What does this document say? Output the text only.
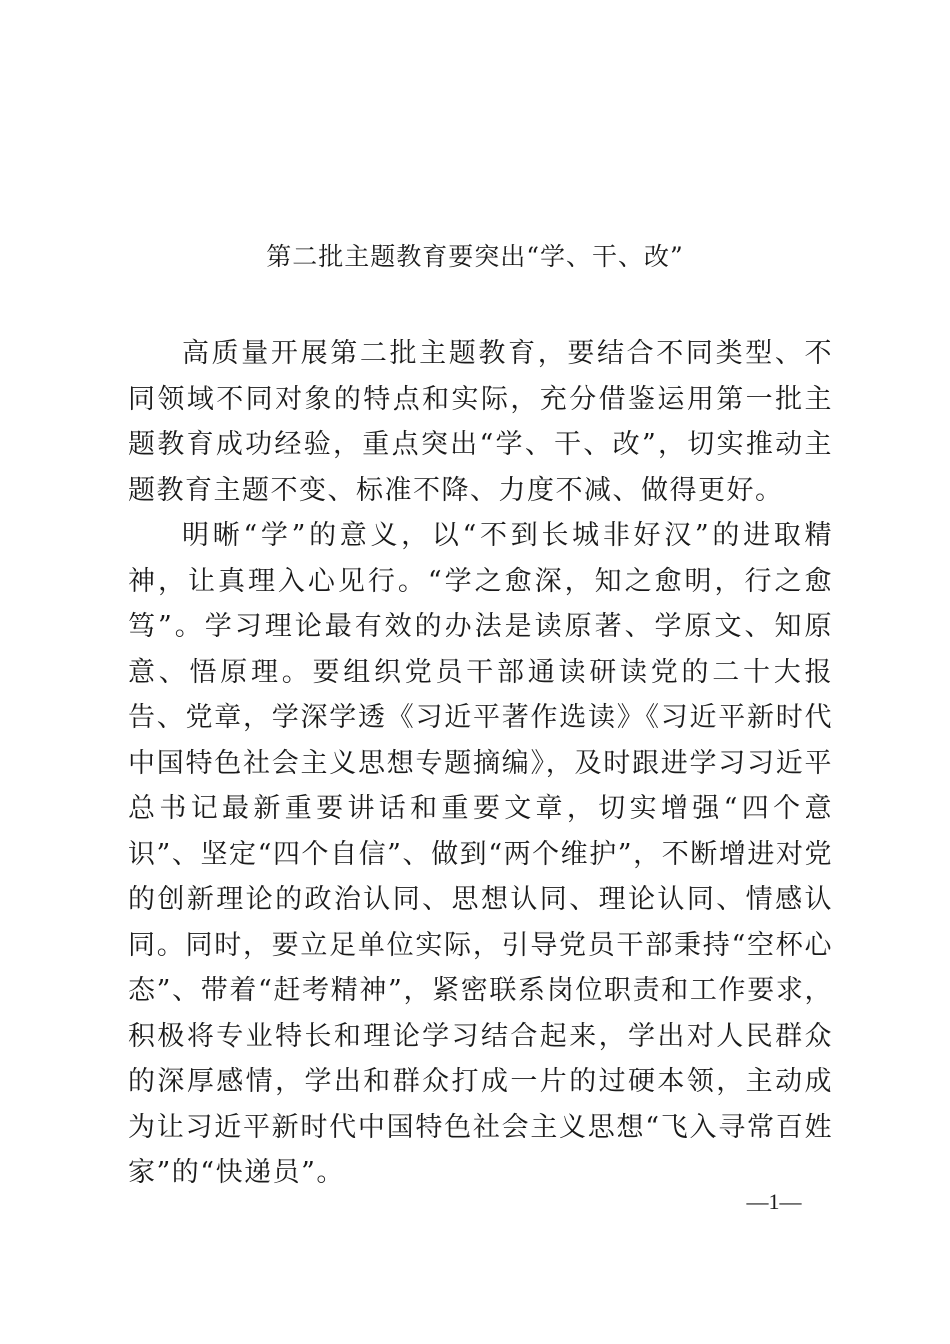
第二批主题教育要突出“学、干、改”

高质量开展第二批主题教育，要结合不同类型、不同领域不同对象的特点和实际，充分借鉴运用第一批主题教育成功经验，重点突出“学、干、改”，切实推动主题教育主题不变、标准不降、力度不减、做得更好。

明晰“学”的意义，以“不到长城非好汉”的进取精神，让真理入心见行。“学之愈深，知之愈明，行之愈笃”。学习理论最有效的办法是读原著、学原文、知原意、悟原理。要组织党员干部通读研读党的二十大报告、党章，学深学透《习近平著作选读》《习近平新时代中国特色社会主义思想专题摘编》，及时跟进学习习近平总书记最新重要讲话和重要文章，切实增强“四个意识”、坚定“四个自信”、做到“两个维护”，不断增进对党的创新理论的政治认同、思想认同、理论认同、情感认同。同时，要立足单位实际，引导党员干部秉持“空杯心态”、带着“赶考精神”，紧密联系岗位职责和工作要求，积极将专业特长和理论学习结合起来，学出对人民群众的深厚感情，学出和群众打成一片的过硬本领，主动成为让习近平新时代中国特色社会主义思想“飞入寻常百姓家”的“快递员”。

—1—
